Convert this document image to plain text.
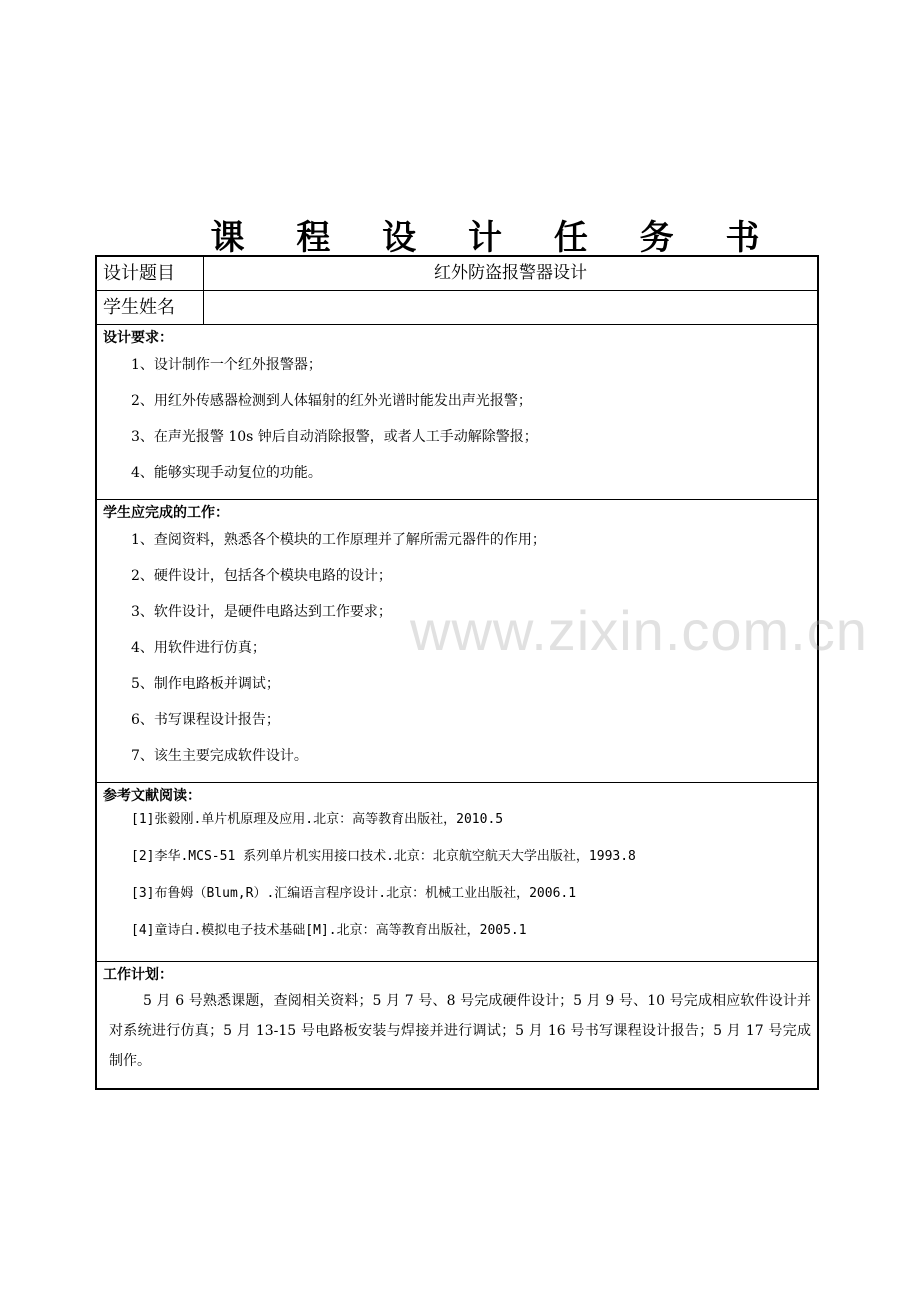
课 程 设 计 任 务 书
设计题目	红外防盗报警器设计
学生姓名
设计要求：
1、设计制作一个红外报警器；
2、用红外传感器检测到人体辐射的红外光谱时能发出声光报警；
3、在声光报警 10s 钟后自动消除报警，或者人工手动解除警报；
4、能够实现手动复位的功能。
学生应完成的工作：
1、查阅资料，熟悉各个模块的工作原理并了解所需元器件的作用；
2、硬件设计，包括各个模块电路的设计；
3、软件设计，是硬件电路达到工作要求；
4、用软件进行仿真；
5、制作电路板并调试；
6、书写课程设计报告；
7、该生主要完成软件设计。
参考文献阅读：
[1]张毅刚.单片机原理及应用.北京：高等教育出版社，2010.5
[2]李华.MCS-51 系列单片机实用接口技术.北京：北京航空航天大学出版社，1993.8
[3]布鲁姆（Blum,R）.汇编语言程序设计.北京：机械工业出版社，2006.1
[4]童诗白.模拟电子技术基础[M].北京：高等教育出版社，2005.1
工作计划：
5 月 6 号熟悉课题，查阅相关资料；5 月 7 号、8 号完成硬件设计；5 月 9 号、10 号完成相应软件设计并对系统进行仿真；5 月 13-15 号电路板安装与焊接并进行调试；5 月 16 号书写课程设计报告；5 月 17 号完成制作。
www.zixin.com.cn
